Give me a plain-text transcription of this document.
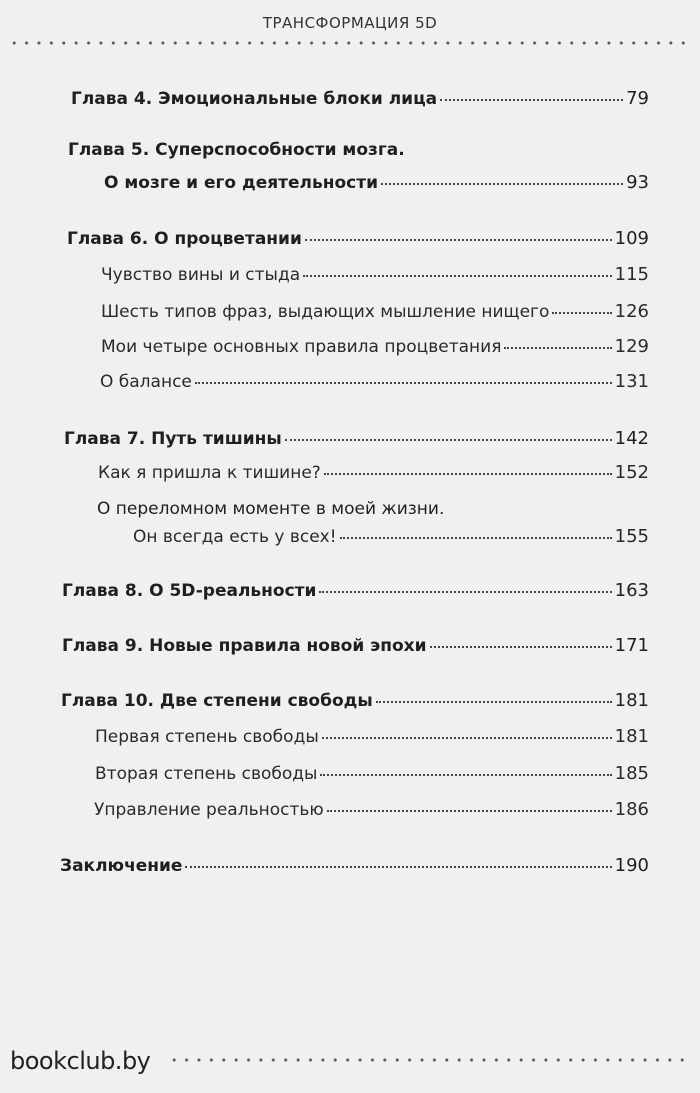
ТРАНСФОРМАЦИЯ 5D
Глава 4. Эмоциональные блоки лица	79
Глава 5. Суперспособности мозга.
О мозге и его деятельности	93
Глава 6. О процветании	109
Чувство вины и стыда	115
Шесть типов фраз, выдающих мышление нищего	126
Мои четыре основных правила процветания	129
О балансе	131
Глава 7. Путь тишины	142
Как я пришла к тишине?	152
О переломном моменте в моей жизни.
Он всегда есть у всех!	155
Глава 8. О 5D-реальности	163
Глава 9. Новые правила новой эпохи	171
Глава 10. Две степени свободы	181
Первая степень свободы	181
Вторая степень свободы	185
Управление реальностью	186
Заключение	190
bookclub.by
